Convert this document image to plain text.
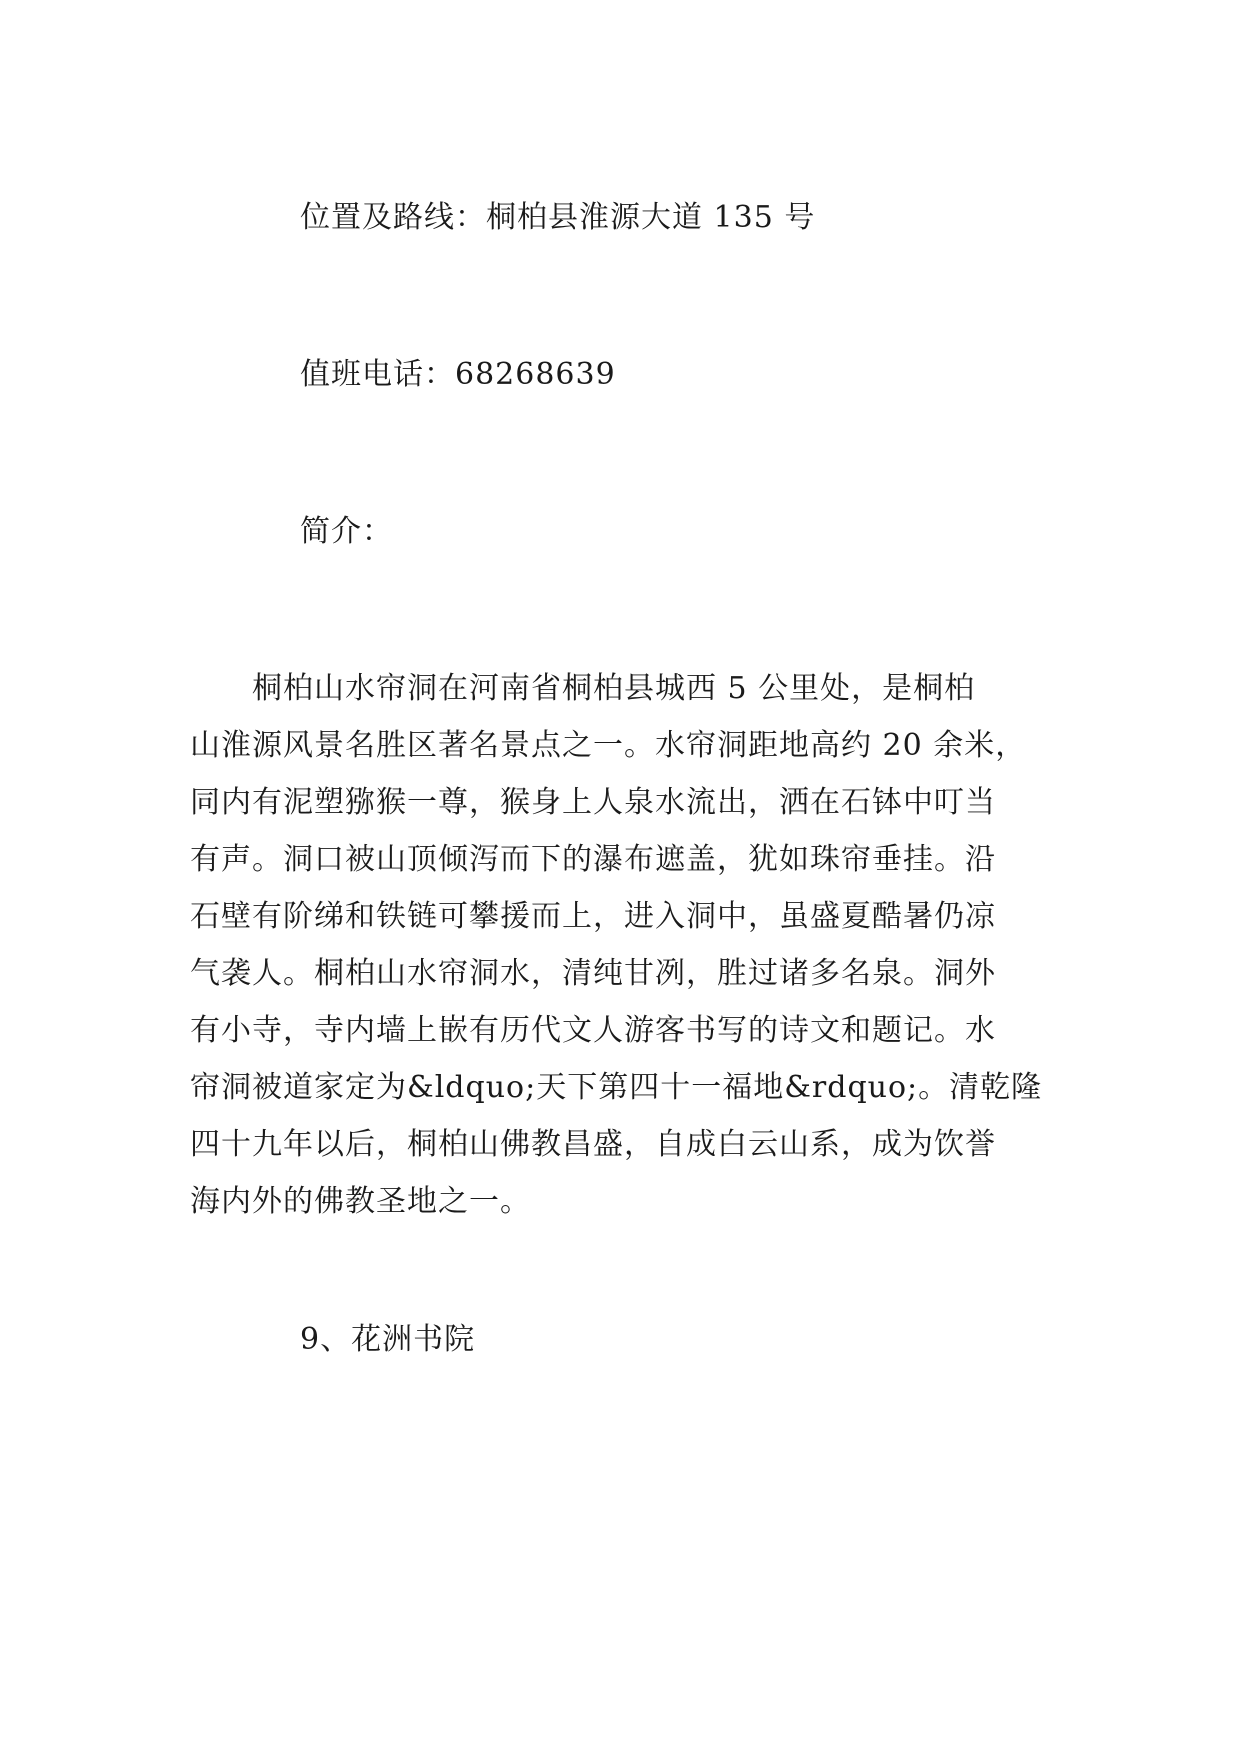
位置及路线：桐柏县淮源大道 135 号
值班电话：68268639
简介：
　　桐柏山水帘洞在河南省桐柏县城西 5 公里处，是桐柏
山淮源风景名胜区著名景点之一。水帘洞距地高约 20 余米，
同内有泥塑猕猴一尊，猴身上人泉水流出，洒在石钵中叮当
有声。洞口被山顶倾泻而下的瀑布遮盖，犹如珠帘垂挂。沿
石壁有阶绨和铁链可攀援而上，进入洞中，虽盛夏酷暑仍凉
气袭人。桐柏山水帘洞水，清纯甘冽，胜过诸多名泉。洞外
有小寺，寺内墙上嵌有历代文人游客书写的诗文和题记。水
帘洞被道家定为&ldquo;天下第四十一福地&rdquo;。清乾隆
四十九年以后，桐柏山佛教昌盛，自成白云山系，成为饮誉
海内外的佛教圣地之一。
9、花洲书院
